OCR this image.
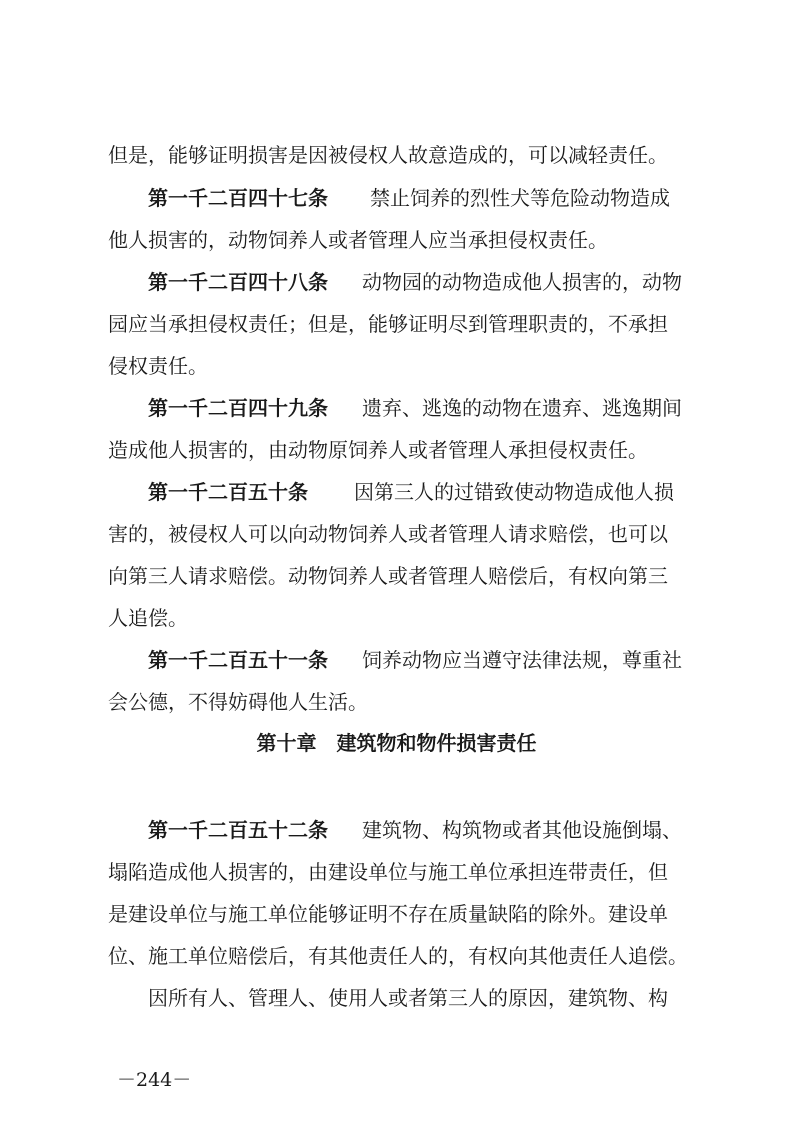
但是，能够证明损害是因被侵权人故意造成的，可以减轻责任。
第一千二百四十七条 禁止饲养的烈性犬等危险动物造成
他人损害的，动物饲养人或者管理人应当承担侵权责任。
第一千二百四十八条 动物园的动物造成他人损害的，动物
园应当承担侵权责任；但是，能够证明尽到管理职责的，不承担
侵权责任。
第一千二百四十九条 遗弃、逃逸的动物在遗弃、逃逸期间
造成他人损害的，由动物原饲养人或者管理人承担侵权责任。
第一千二百五十条 因第三人的过错致使动物造成他人损
害的，被侵权人可以向动物饲养人或者管理人请求赔偿，也可以
向第三人请求赔偿。动物饲养人或者管理人赔偿后，有权向第三
人追偿。
第一千二百五十一条 饲养动物应当遵守法律法规，尊重社
会公德，不得妨碍他人生活。
第十章　建筑物和物件损害责任
第一千二百五十二条 建筑物、构筑物或者其他设施倒塌、
塌陷造成他人损害的，由建设单位与施工单位承担连带责任，但
是建设单位与施工单位能够证明不存在质量缺陷的除外。建设单
位、施工单位赔偿后，有其他责任人的，有权向其他责任人追偿。
因所有人、管理人、使用人或者第三人的原因，建筑物、构
－244－
